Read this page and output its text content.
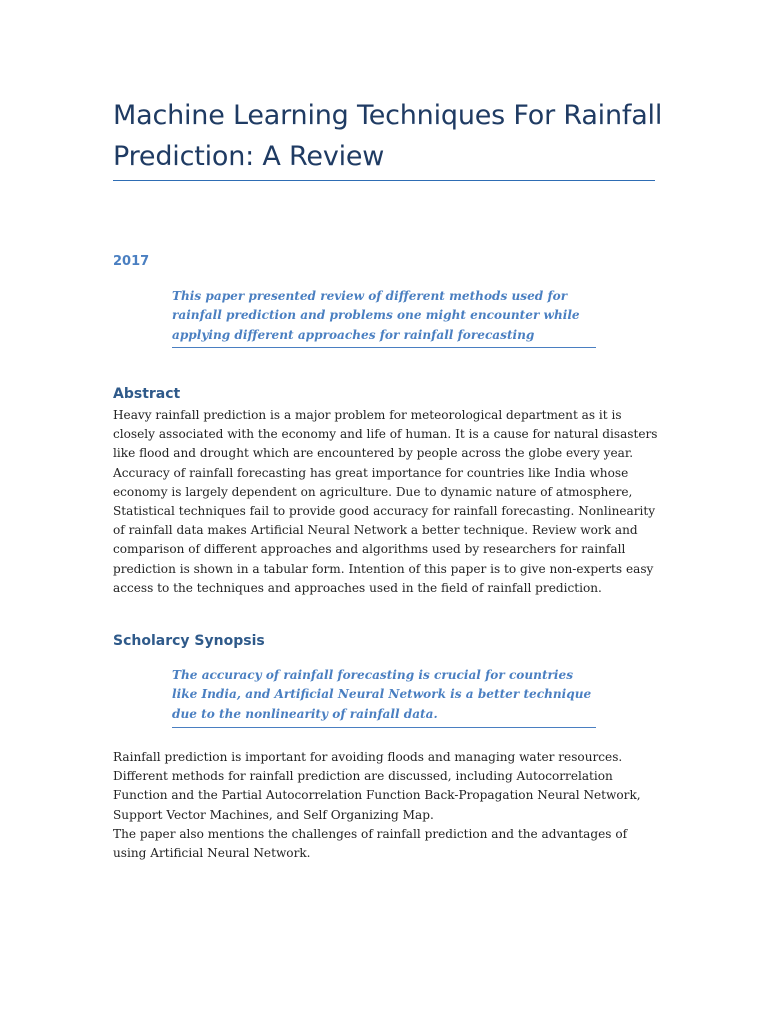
Machine Learning Techniques For Rainfall Prediction: A Review
2017

This paper presented review of different methods used for rainfall prediction and problems one might encounter while applying different approaches for rainfall forecasting

Abstract

Heavy rainfall prediction is a major problem for meteorological department as it is closely associated with the economy and life of human. It is a cause for natural disasters like flood and drought which are encountered by people across the globe every year. Accuracy of rainfall forecasting has great importance for countries like India whose economy is largely dependent on agriculture. Due to dynamic nature of atmosphere, Statistical techniques fail to provide good accuracy for rainfall forecasting. Nonlinearity of rainfall data makes Artificial Neural Network a better technique. Review work and comparison of different approaches and algorithms used by researchers for rainfall prediction is shown in a tabular form. Intention of this paper is to give non-experts easy access to the techniques and approaches used in the field of rainfall prediction.

Scholarcy Synopsis

The accuracy of rainfall forecasting is crucial for countries like India, and Artificial Neural Network is a better technique due to the nonlinearity of rainfall data.

Rainfall prediction is important for avoiding floods and managing water resources. Different methods for rainfall prediction are discussed, including Autocorrelation Function and the Partial Autocorrelation Function Back-Propagation Neural Network, Support Vector Machines, and Self Organizing Map.

The paper also mentions the challenges of rainfall prediction and the advantages of using Artificial Neural Network.
